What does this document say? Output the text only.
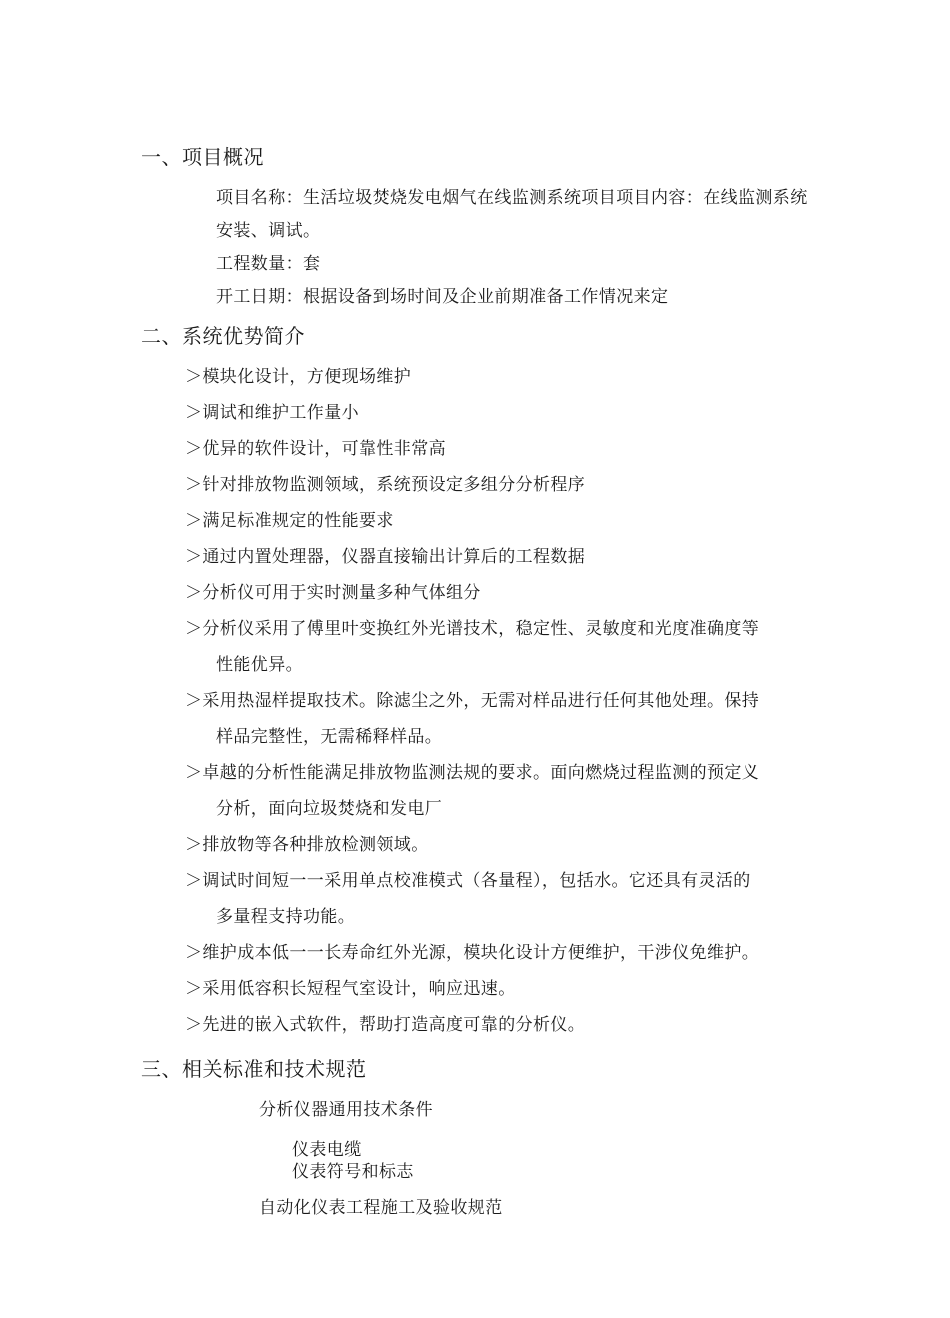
一、项目概况
项目名称：生活垃圾焚烧发电烟气在线监测系统项目项目内容：在线监测系统安装、调试。
工程数量：套
开工日期：根据设备到场时间及企业前期准备工作情况来定
二、系统优势简介
＞模块化设计，方便现场维护
＞调试和维护工作量小
＞优异的软件设计，可靠性非常高
＞针对排放物监测领域，系统预设定多组分分析程序
＞满足标准规定的性能要求
＞通过内置处理器，仪器直接输出计算后的工程数据
＞分析仪可用于实时测量多种气体组分
＞分析仪采用了傅里叶变换红外光谱技术，稳定性、灵敏度和光度准确度等
性能优异。
＞采用热湿样提取技术。除滤尘之外，无需对样品进行任何其他处理。保持
样品完整性，无需稀释样品。
＞卓越的分析性能满足排放物监测法规的要求。面向燃烧过程监测的预定义
分析，面向垃圾焚烧和发电厂
＞排放物等各种排放检测领域。
＞调试时间短一一采用单点校准模式（各量程），包括水。它还具有灵活的
多量程支持功能。
＞维护成本低一一长寿命红外光源，模块化设计方便维护，干涉仪免维护。
＞采用低容积长短程气室设计，响应迅速。
＞先进的嵌入式软件，帮助打造高度可靠的分析仪。
三、相关标准和技术规范
分析仪器通用技术条件
仪表电缆
仪表符号和标志
自动化仪表工程施工及验收规范
